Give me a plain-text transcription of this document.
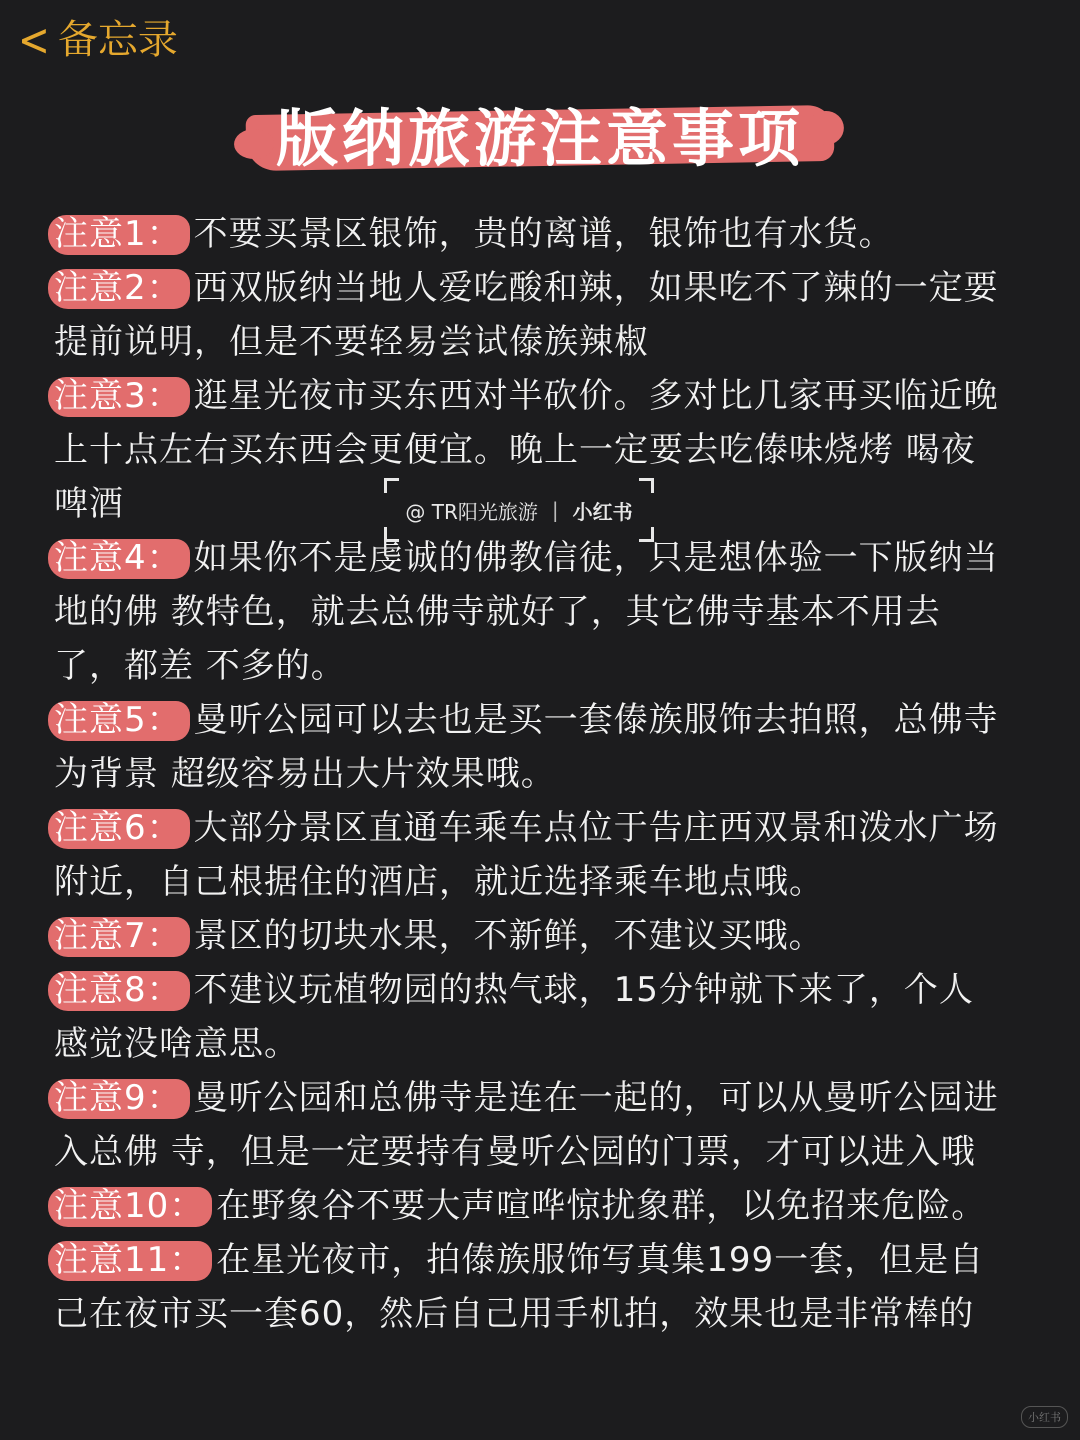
< 备忘录
版纳旅游注意事项

注意1： 不要买景区银饰，贵的离谱，银饰也有水货。

注意2： 西双版纳当地人爱吃酸和辣，如果吃不了辣的一定要提前说明，但是不要轻易尝试傣族辣椒

注意3： 逛星光夜市买东西对半砍价。多对比几家再买临近晚上十点左右买东西会更便宜。晚上一定要去吃傣味烧烤 喝夜啤酒

注意4： 如果你不是虔诚的佛教信徒，只是想体验一下版纳当地的佛 教特色，就去总佛寺就好了，其它佛寺基本不用去了，都差 不多的。

注意5： 曼听公园可以去也是买一套傣族服饰去拍照，总佛寺为背景 超级容易出大片效果哦。

注意6： 大部分景区直通车乘车点位于告庄西双景和泼水广场附近，自己根据住的酒店，就近选择乘车地点哦。

注意7： 景区的切块水果，不新鲜，不建议买哦。

注意8： 不建议玩植物园的热气球，15分钟就下来了，个人感觉没啥意思。

注意9： 曼听公园和总佛寺是连在一起的，可以从曼听公园进入总佛 寺，但是一定要持有曼听公园的门票，才可以进入哦

注意10： 在野象谷不要大声喧哗惊扰象群，以免招来危险。

注意11： 在星光夜市，拍傣族服饰写真集199一套，但是自己在夜市买一套60，然后自己用手机拍，效果也是非常棒的

@ TR阳光旅游 | 小红书
小红书
